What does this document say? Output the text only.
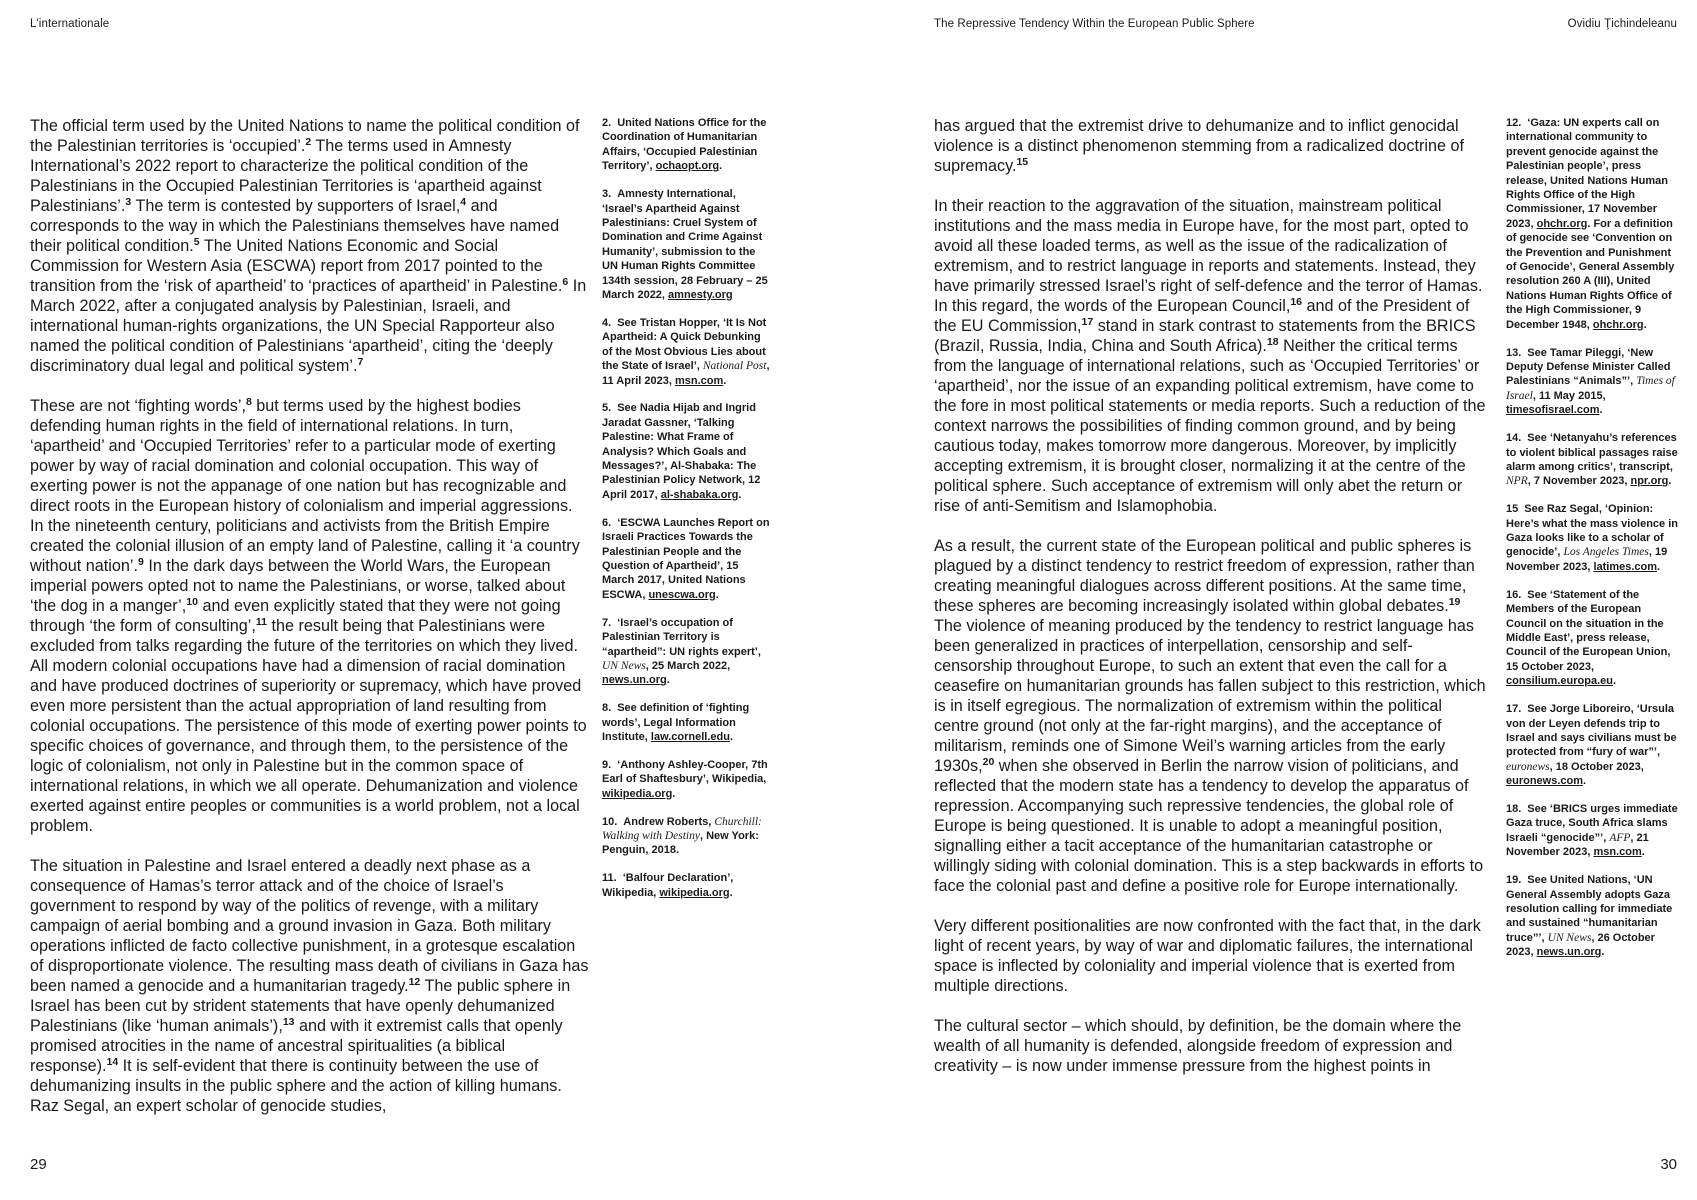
L'internationale

The official term used by the United Nations to name the political condition of the Palestinian territories is ‘occupied’.$^2$ The terms used in Amnesty International’s 2022 report to characterize the political condition of the Palestinians in the Occupied Palestinian Territories is ‘apartheid against Palestinians’.$^3$ The term is contested by supporters of Israel,$^4$ and corresponds to the way in which the Palestinians themselves have named their political condition.$^5$ The United Nations Economic and Social Commission for Western Asia (ESCWA) report from 2017 pointed to the transition from the ‘risk of apartheid’ to ‘practices of apartheid’ in Palestine.$^6$ In March 2022, after a conjugated analysis by Palestinian, Israeli, and international human-rights organizations, the UN Special Rapporteur also named the political condition of Palestinians ‘apartheid’, citing the ‘deeply discriminatory dual legal and political system’.$^7$

These are not ‘fighting words’,$^8$ but terms used by the highest bodies defending human rights in the field of international relations. In turn, ‘apartheid’ and ‘Occupied Territories’ refer to a particular mode of exerting power by way of racial domination and colonial occupation. This way of exerting power is not the appanage of one nation but has recognizable and direct roots in the European history of colonialism and imperial aggressions. In the nineteenth century, politicians and activists from the British Empire created the colonial illusion of an empty land of Palestine, calling it ‘a country without nation’.$^9$ In the dark days between the World Wars, the European imperial powers opted not to name the Palestinians, or worse, talked about ‘the dog in a manger’,$^{10}$ and even explicitly stated that they were not going through ‘the form of consulting’,$^{11}$ the result being that Palestinians were excluded from talks regarding the future of the territories on which they lived. All modern colonial occupations have had a dimension of racial domination and have produced doctrines of superiority or supremacy, which have proved even more persistent than the actual appropriation of land resulting from colonial occupations. The persistence of this mode of exerting power points to specific choices of governance, and through them, to the persistence of the logic of colonialism, not only in Palestine but in the common space of international relations, in which we all operate. Dehumanization and violence exerted against entire peoples or communities is a world problem, not a local problem.

The situation in Palestine and Israel entered a deadly next phase as a consequence of Hamas’s terror attack and of the choice of Israel’s government to respond by way of the politics of revenge, with a military campaign of aerial bombing and a ground invasion in Gaza. Both military operations inflicted de facto collective punishment, in a grotesque escalation of disproportionate violence. The resulting mass death of civilians in Gaza has been named a genocide and a humanitarian tragedy.$^{12}$ The public sphere in Israel has been cut by strident statements that have openly dehumanized Palestinians (like ‘human animals’),$^{13}$ and with it extremist calls that openly promised atrocities in the name of ancestral spiritualities (a biblical response).$^{14}$ It is self-evident that there is continuity between the use of dehumanizing insults in the public sphere and the action of killing humans. Raz Segal, an expert scholar of genocide studies,

2. United Nations Office for the Coordination of Humanitarian Affairs, ‘Occupied Palestinian Territory’, ochaopt.org.
3. Amnesty International, ‘Israel’s Apartheid Against Palestinians: Cruel System of Domination and Crime Against Humanity’, submission to the UN Human Rights Committee 134th session, 28 February – 25 March 2022, amnesty.org
4. See Tristan Hopper, ‘It Is Not Apartheid: A Quick Debunking of the Most Obvious Lies about the State of Israel’, National Post, 11 April 2023, msn.com.
5. See Nadia Hijab and Ingrid Jaradat Gassner, ‘Talking Palestine: What Frame of Analysis? Which Goals and Messages?’, Al-Shabaka: The Palestinian Policy Network, 12 April 2017, al-shabaka.org.
6. ‘ESCWA Launches Report on Israeli Practices Towards the Palestinian People and the Question of Apartheid’, 15 March 2017, United Nations ESCWA, unescwa.org.
7. ‘Israel’s occupation of Palestinian Territory is “apartheid”: UN rights expert’, UN News, 25 March 2022, news.un.org.
8. See definition of ‘fighting words’, Legal Information Institute, law.cornell.edu.
9. ‘Anthony Ashley-Cooper, 7th Earl of Shaftesbury’, Wikipedia, wikipedia.org.
10. Andrew Roberts, Churchill: Walking with Destiny, New York: Penguin, 2018.
11. ‘Balfour Declaration’, Wikipedia, wikipedia.org.
29
The Repressive Tendency Within the European Public Sphere	Ovidiu Ţichindeleanu

has argued that the extremist drive to dehumanize and to inflict genocidal violence is a distinct phenomenon stemming from a radicalized doctrine of supremacy.$^{15}$

In their reaction to the aggravation of the situation, mainstream political institutions and the mass media in Europe have, for the most part, opted to avoid all these loaded terms, as well as the issue of the radicalization of extremism, and to restrict language in reports and statements. Instead, they have primarily stressed Israel’s right of self-defence and the terror of Hamas. In this regard, the words of the European Council,$^{16}$ and of the President of the EU Commission,$^{17}$ stand in stark contrast to statements from the BRICS (Brazil, Russia, India, China and South Africa).$^{18}$ Neither the critical terms from the language of international relations, such as ‘Occupied Territories’ or ‘apartheid’, nor the issue of an expanding political extremism, have come to the fore in most political statements or media reports. Such a reduction of the context narrows the possibilities of finding common ground, and by being cautious today, makes tomorrow more dangerous. Moreover, by implicitly accepting extremism, it is brought closer, normalizing it at the centre of the political sphere. Such acceptance of extremism will only abet the return or rise of anti-Semitism and Islamophobia.

As a result, the current state of the European political and public spheres is plagued by a distinct tendency to restrict freedom of expression, rather than creating meaningful dialogues across different positions. At the same time, these spheres are becoming increasingly isolated within global debates.$^{19}$ The violence of meaning produced by the tendency to restrict language has been generalized in practices of interpellation, censorship and self-censorship throughout Europe, to such an extent that even the call for a ceasefire on humanitarian grounds has fallen subject to this restriction, which is in itself egregious. The normalization of extremism within the political centre ground (not only at the far-right margins), and the acceptance of militarism, reminds one of Simone Weil’s warning articles from the early 1930s,$^{20}$ when she observed in Berlin the narrow vision of politicians, and reflected that the modern state has a tendency to develop the apparatus of repression. Accompanying such repressive tendencies, the global role of Europe is being questioned. It is unable to adopt a meaningful position, signalling either a tacit acceptance of the humanitarian catastrophe or willingly siding with colonial domination. This is a step backwards in efforts to face the colonial past and define a positive role for Europe internationally.

Very different positionalities are now confronted with the fact that, in the dark light of recent years, by way of war and diplomatic failures, the international space is inflected by coloniality and imperial violence that is exerted from multiple directions.

The cultural sector – which should, by definition, be the domain where the wealth of all humanity is defended, alongside freedom of expression and creativity – is now under immense pressure from the highest points in

12. ‘Gaza: UN experts call on international community to prevent genocide against the Palestinian people’, press release, United Nations Human Rights Office of the High Commissioner, 17 November 2023, ohchr.org. For a definition of genocide see ‘Convention on the Prevention and Punishment of Genocide’, General Assembly resolution 260 A (III), United Nations Human Rights Office of the High Commissioner, 9 December 1948, ohchr.org.
13. See Tamar Pileggi, ‘New Deputy Defense Minister Called Palestinians “Animals”’, Times of Israel, 11 May 2015, timesofisrael.com.
14. See ‘Netanyahu’s references to violent biblical passages raise alarm among critics’, transcript, NPR, 7 November 2023, npr.org.
15 See Raz Segal, ‘Opinion: Here’s what the mass violence in Gaza looks like to a scholar of genocide’, Los Angeles Times, 19 November 2023, latimes.com.
16. See ‘Statement of the Members of the European Council on the situation in the Middle East’, press release, Council of the European Union, 15 October 2023, consilium.europa.eu.
17. See Jorge Liboreiro, ‘Ursula von der Leyen defends trip to Israel and says civilians must be protected from “fury of war”’, euronews, 18 October 2023, euronews.com.
18. See ‘BRICS urges immediate Gaza truce, South Africa slams Israeli “genocide”’, AFP, 21 November 2023, msn.com.
19. See United Nations, ‘UN General Assembly adopts Gaza resolution calling for immediate and sustained “humanitarian truce”’, UN News, 26 October 2023, news.un.org.
30
